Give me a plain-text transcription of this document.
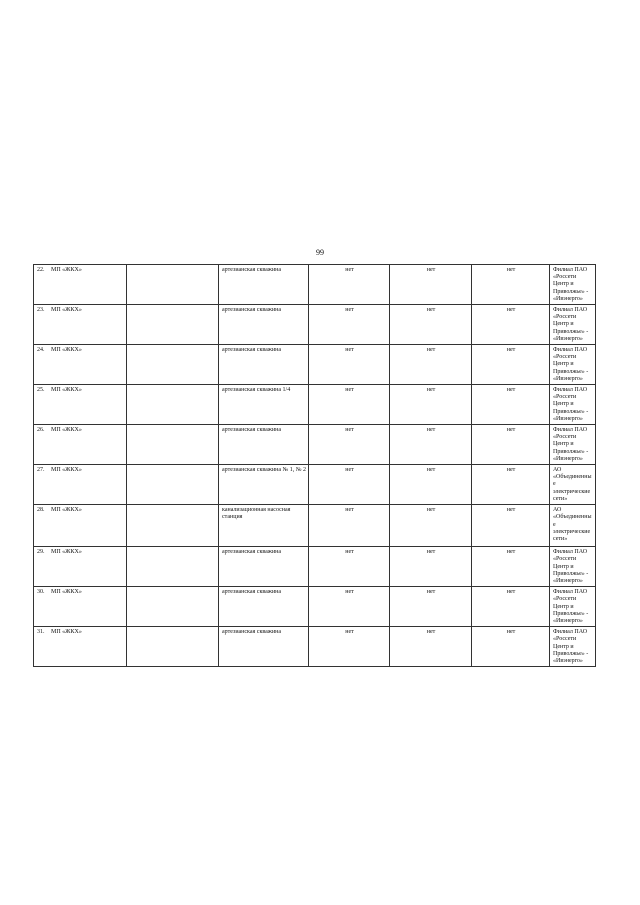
99
22. МП «ЖКХ»		артезианская скважина	нет	нет	нет	Филиал ПАО «Россети Центр и Приволжье» - «Ивэнерго»
23. МП «ЖКХ»		артезианская скважина	нет	нет	нет	Филиал ПАО «Россети Центр и Приволжье» - «Ивэнерго»
24. МП «ЖКХ»		артезианская скважина	нет	нет	нет	Филиал ПАО «Россети Центр и Приволжье» - «Ивэнерго»
25. МП «ЖКХ»		артезианская скважина 1/4	нет	нет	нет	Филиал ПАО «Россети Центр и Приволжье» - «Ивэнерго»
26. МП «ЖКХ»		артезианская скважина	нет	нет	нет	Филиал ПАО «Россети Центр и Приволжье» - «Ивэнерго»
27. МП «ЖКХ»		артезианская скважина № 1, № 2	нет	нет	нет	АО «Объединенные электрические сети»
28. МП «ЖКХ»		канализационная насосная станция	нет	нет	нет	АО «Объединенные электрические сети»
29. МП «ЖКХ»		артезианская скважина	нет	нет	нет	Филиал ПАО «Россети Центр и Приволжье» - «Ивэнерго»
30. МП «ЖКХ»		артезианская скважина	нет	нет	нет	Филиал ПАО «Россети Центр и Приволжье» - «Ивэнерго»
31. МП «ЖКХ»		артезианская скважина	нет	нет	нет	Филиал ПАО «Россети Центр и Приволжье» - «Ивэнерго»
